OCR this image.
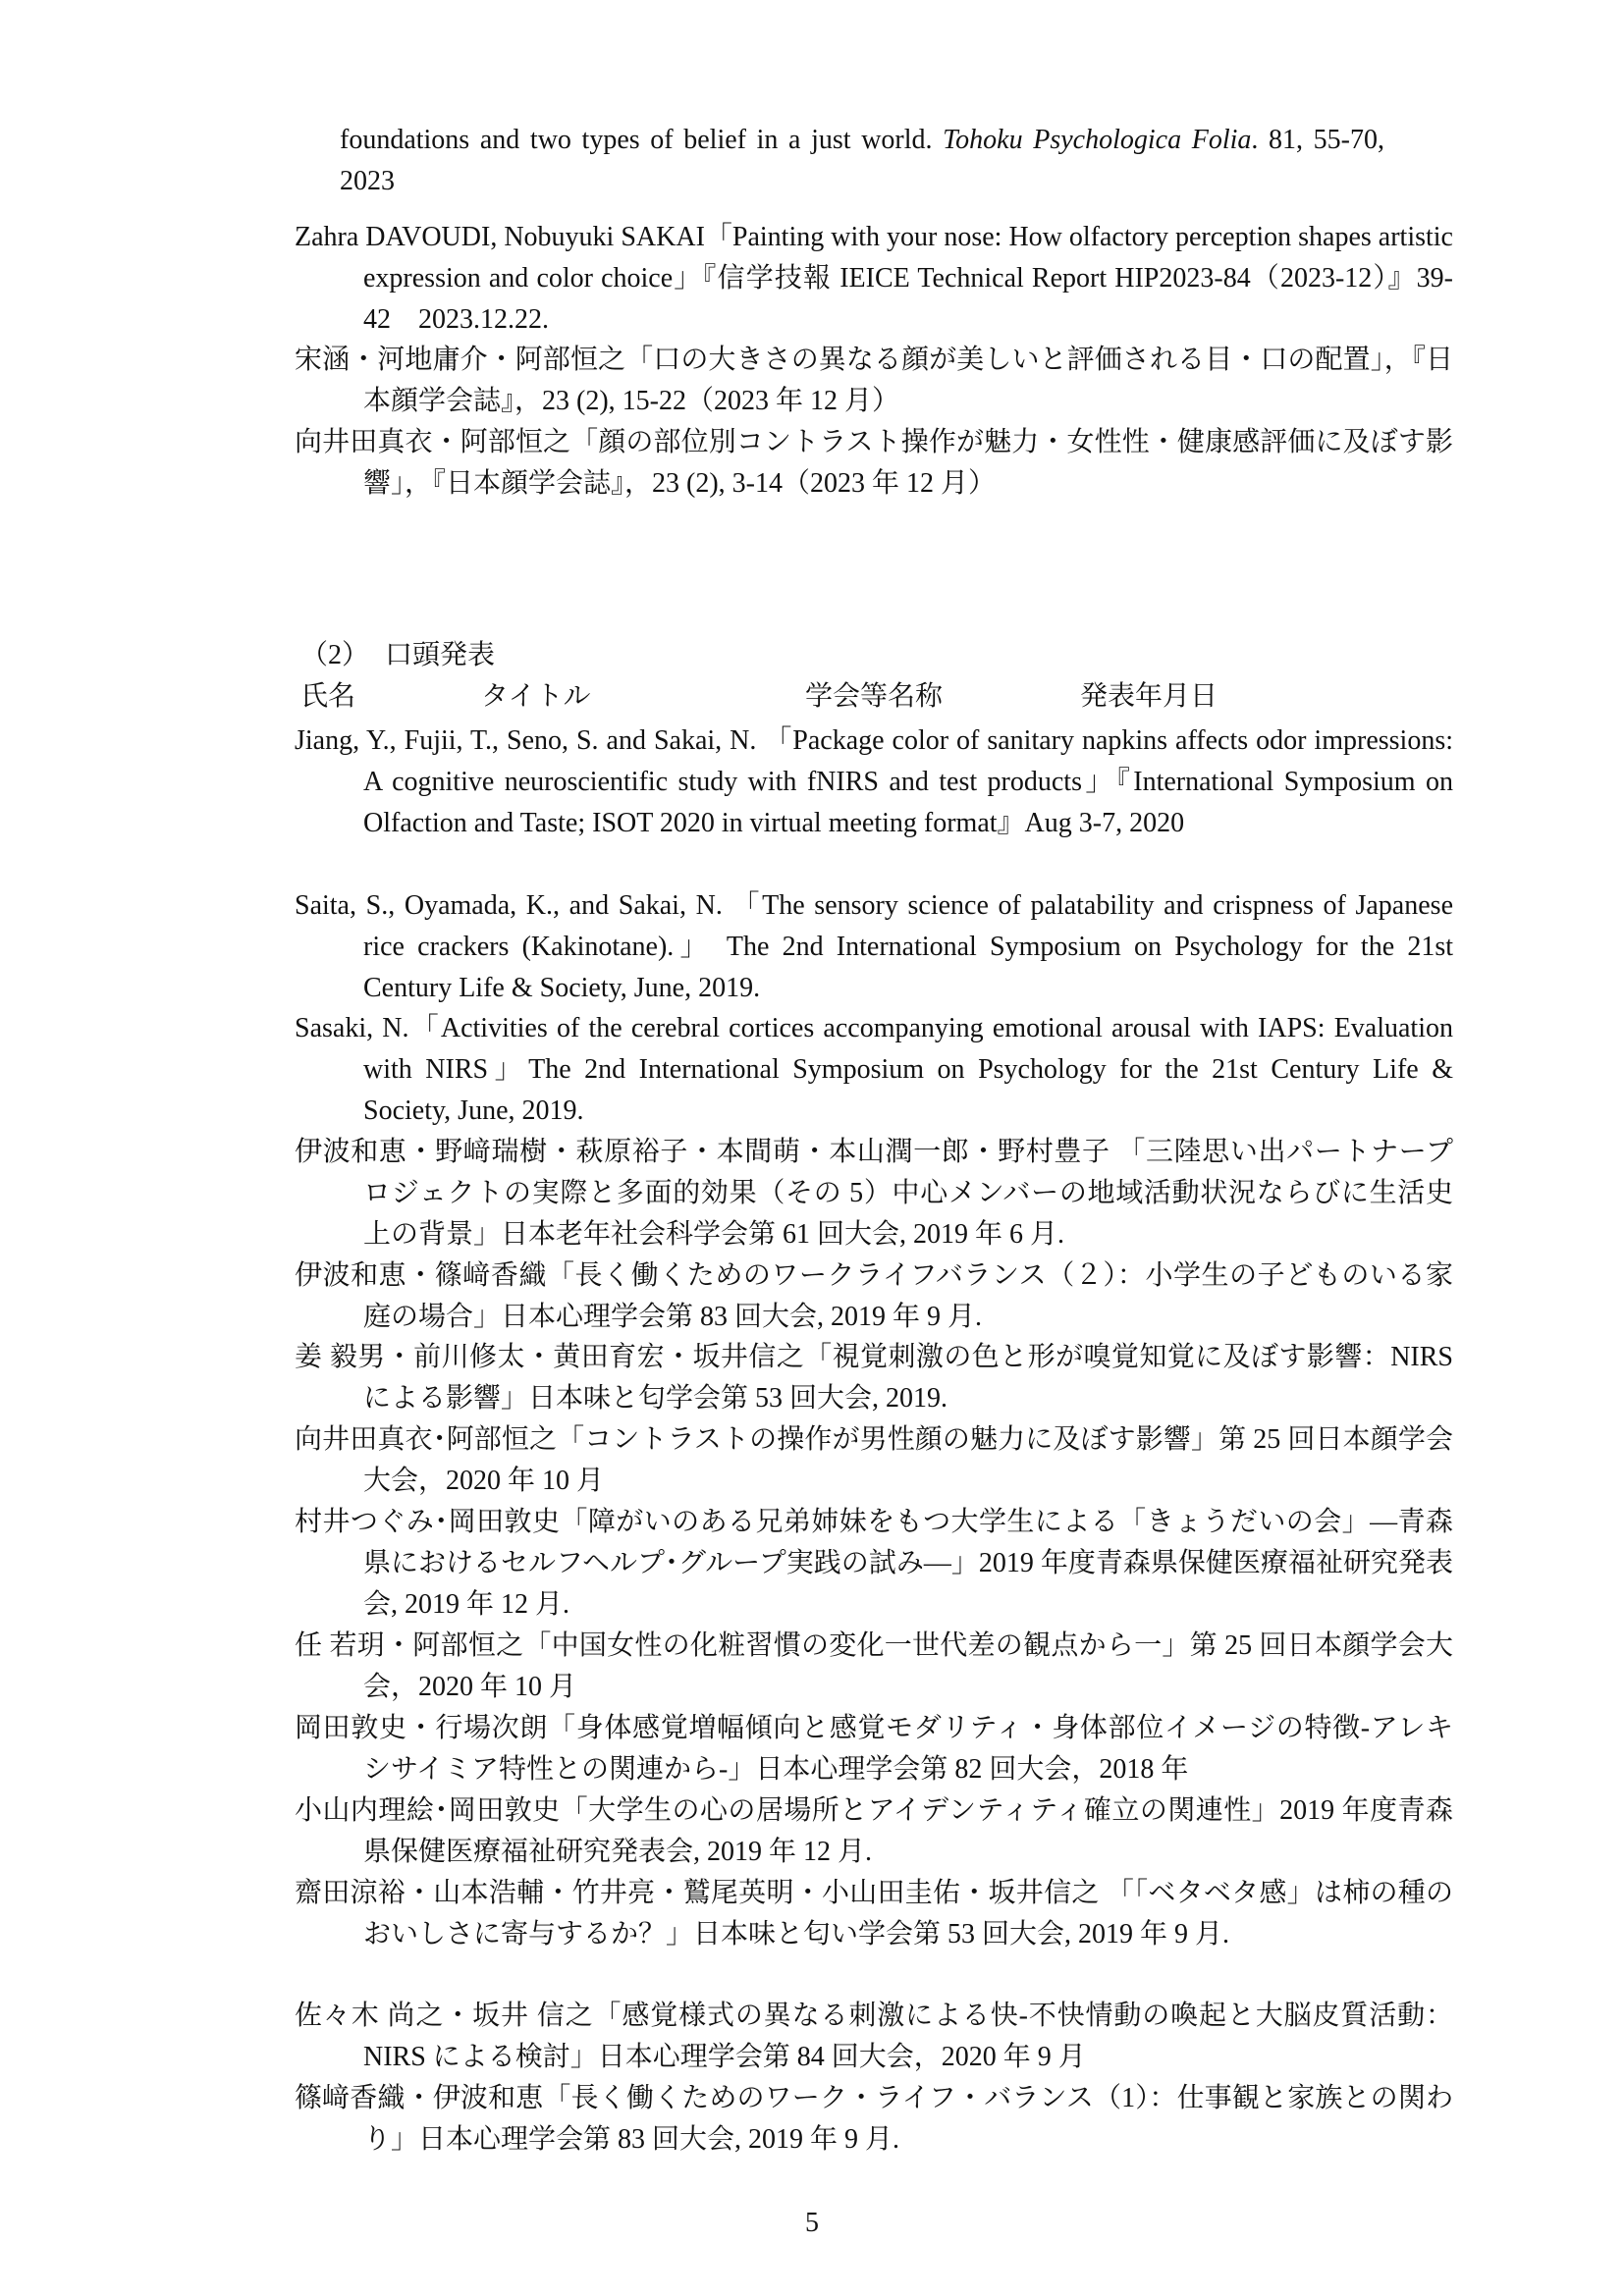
foundations and two types of belief in a just world. Tohoku Psychologica Folia. 81, 55-70, 2023

Zahra DAVOUDI, Nobuyuki SAKAI「Painting with your nose: How olfactory perception shapes artistic expression and color choice」『信学技報 IEICE Technical Report HIP2023-84（2023-12）』39-42　2023.12.22.

宋涵・河地庸介・阿部恒之「口の大きさの異なる顔が美しいと評価される目・口の配置」，『日本顔学会誌』，23 (2), 15-22（2023 年 12 月）

向井田真衣・阿部恒之「顔の部位別コントラスト操作が魅力・女性性・健康感評価に及ぼす影響」，『日本顔学会誌』，23 (2), 3-14（2023 年 12 月）

（2） 口頭発表

氏名	タイトル	学会等名称	発表年月日

Jiang, Y., Fujii, T., Seno, S. and Sakai, N. 「Package color of sanitary napkins affects odor impressions: A cognitive neuroscientific study with fNIRS and test products」『International Symposium on Olfaction and Taste; ISOT 2020 in virtual meeting format』Aug 3-7, 2020

Saita, S., Oyamada, K., and Sakai, N. 「The sensory science of palatability and crispness of Japanese rice crackers (Kakinotane).」 The 2nd International Symposium on Psychology for the 21st Century Life & Society, June, 2019.

Sasaki, N.「Activities of the cerebral cortices accompanying emotional arousal with IAPS: Evaluation with NIRS」The 2nd International Symposium on Psychology for the 21st Century Life & Society, June, 2019.

伊波和恵・野﨑瑞樹・萩原裕子・本間萌・本山潤一郎・野村豊子 「三陸思い出パートナープロジェクトの実際と多面的効果（その 5）中心メンバーの地域活動状況ならびに生活史上の背景」日本老年社会科学会第 61 回大会, 2019 年 6 月.

伊波和恵・篠﨑香織「長く働くためのワークライフバランス（２）：小学生の子どものいる家庭の場合」日本心理学会第 83 回大会, 2019 年 9 月.

姜 毅男・前川修太・黄田育宏・坂井信之「視覚刺激の色と形が嗅覚知覚に及ぼす影響：NIRS による影響」日本味と匂学会第 53 回大会, 2019.

向井田真衣･阿部恒之「コントラストの操作が男性顔の魅力に及ぼす影響」第 25 回日本顔学会大会，2020 年 10 月

村井つぐみ･岡田敦史「障がいのある兄弟姉妹をもつ大学生による「きょうだいの会」―青森県におけるセルフヘルプ･グループ実践の試み―」2019 年度青森県保健医療福祉研究発表会, 2019 年 12 月.

任 若玥・阿部恒之「中国女性の化粧習慣の変化一世代差の観点から一」第 25 回日本顔学会大会，2020 年 10 月

岡田敦史・行場次朗「身体感覚増幅傾向と感覚モダリティ・身体部位イメージの特徴-アレキシサイミア特性との関連から-」日本心理学会第 82 回大会，2018 年

小山内理絵･岡田敦史「大学生の心の居場所とアイデンティティ確立の関連性」2019 年度青森県保健医療福祉研究発表会, 2019 年 12 月.

齋田涼裕・山本浩輔・竹井亮・鷲尾英明・小山田圭佑・坂井信之 「「ベタベタ感」は柿の種のおいしさに寄与するか？」日本味と匂い学会第 53 回大会, 2019 年 9 月.

佐々木 尚之・坂井 信之「感覚様式の異なる刺激による快-不快情動の喚起と大脳皮質活動：NIRS による検討」日本心理学会第 84 回大会，2020 年 9 月

篠﨑香織・伊波和恵「長く働くためのワーク・ライフ・バランス（1）：仕事観と家族との関わり」日本心理学会第 83 回大会, 2019 年 9 月.

5
